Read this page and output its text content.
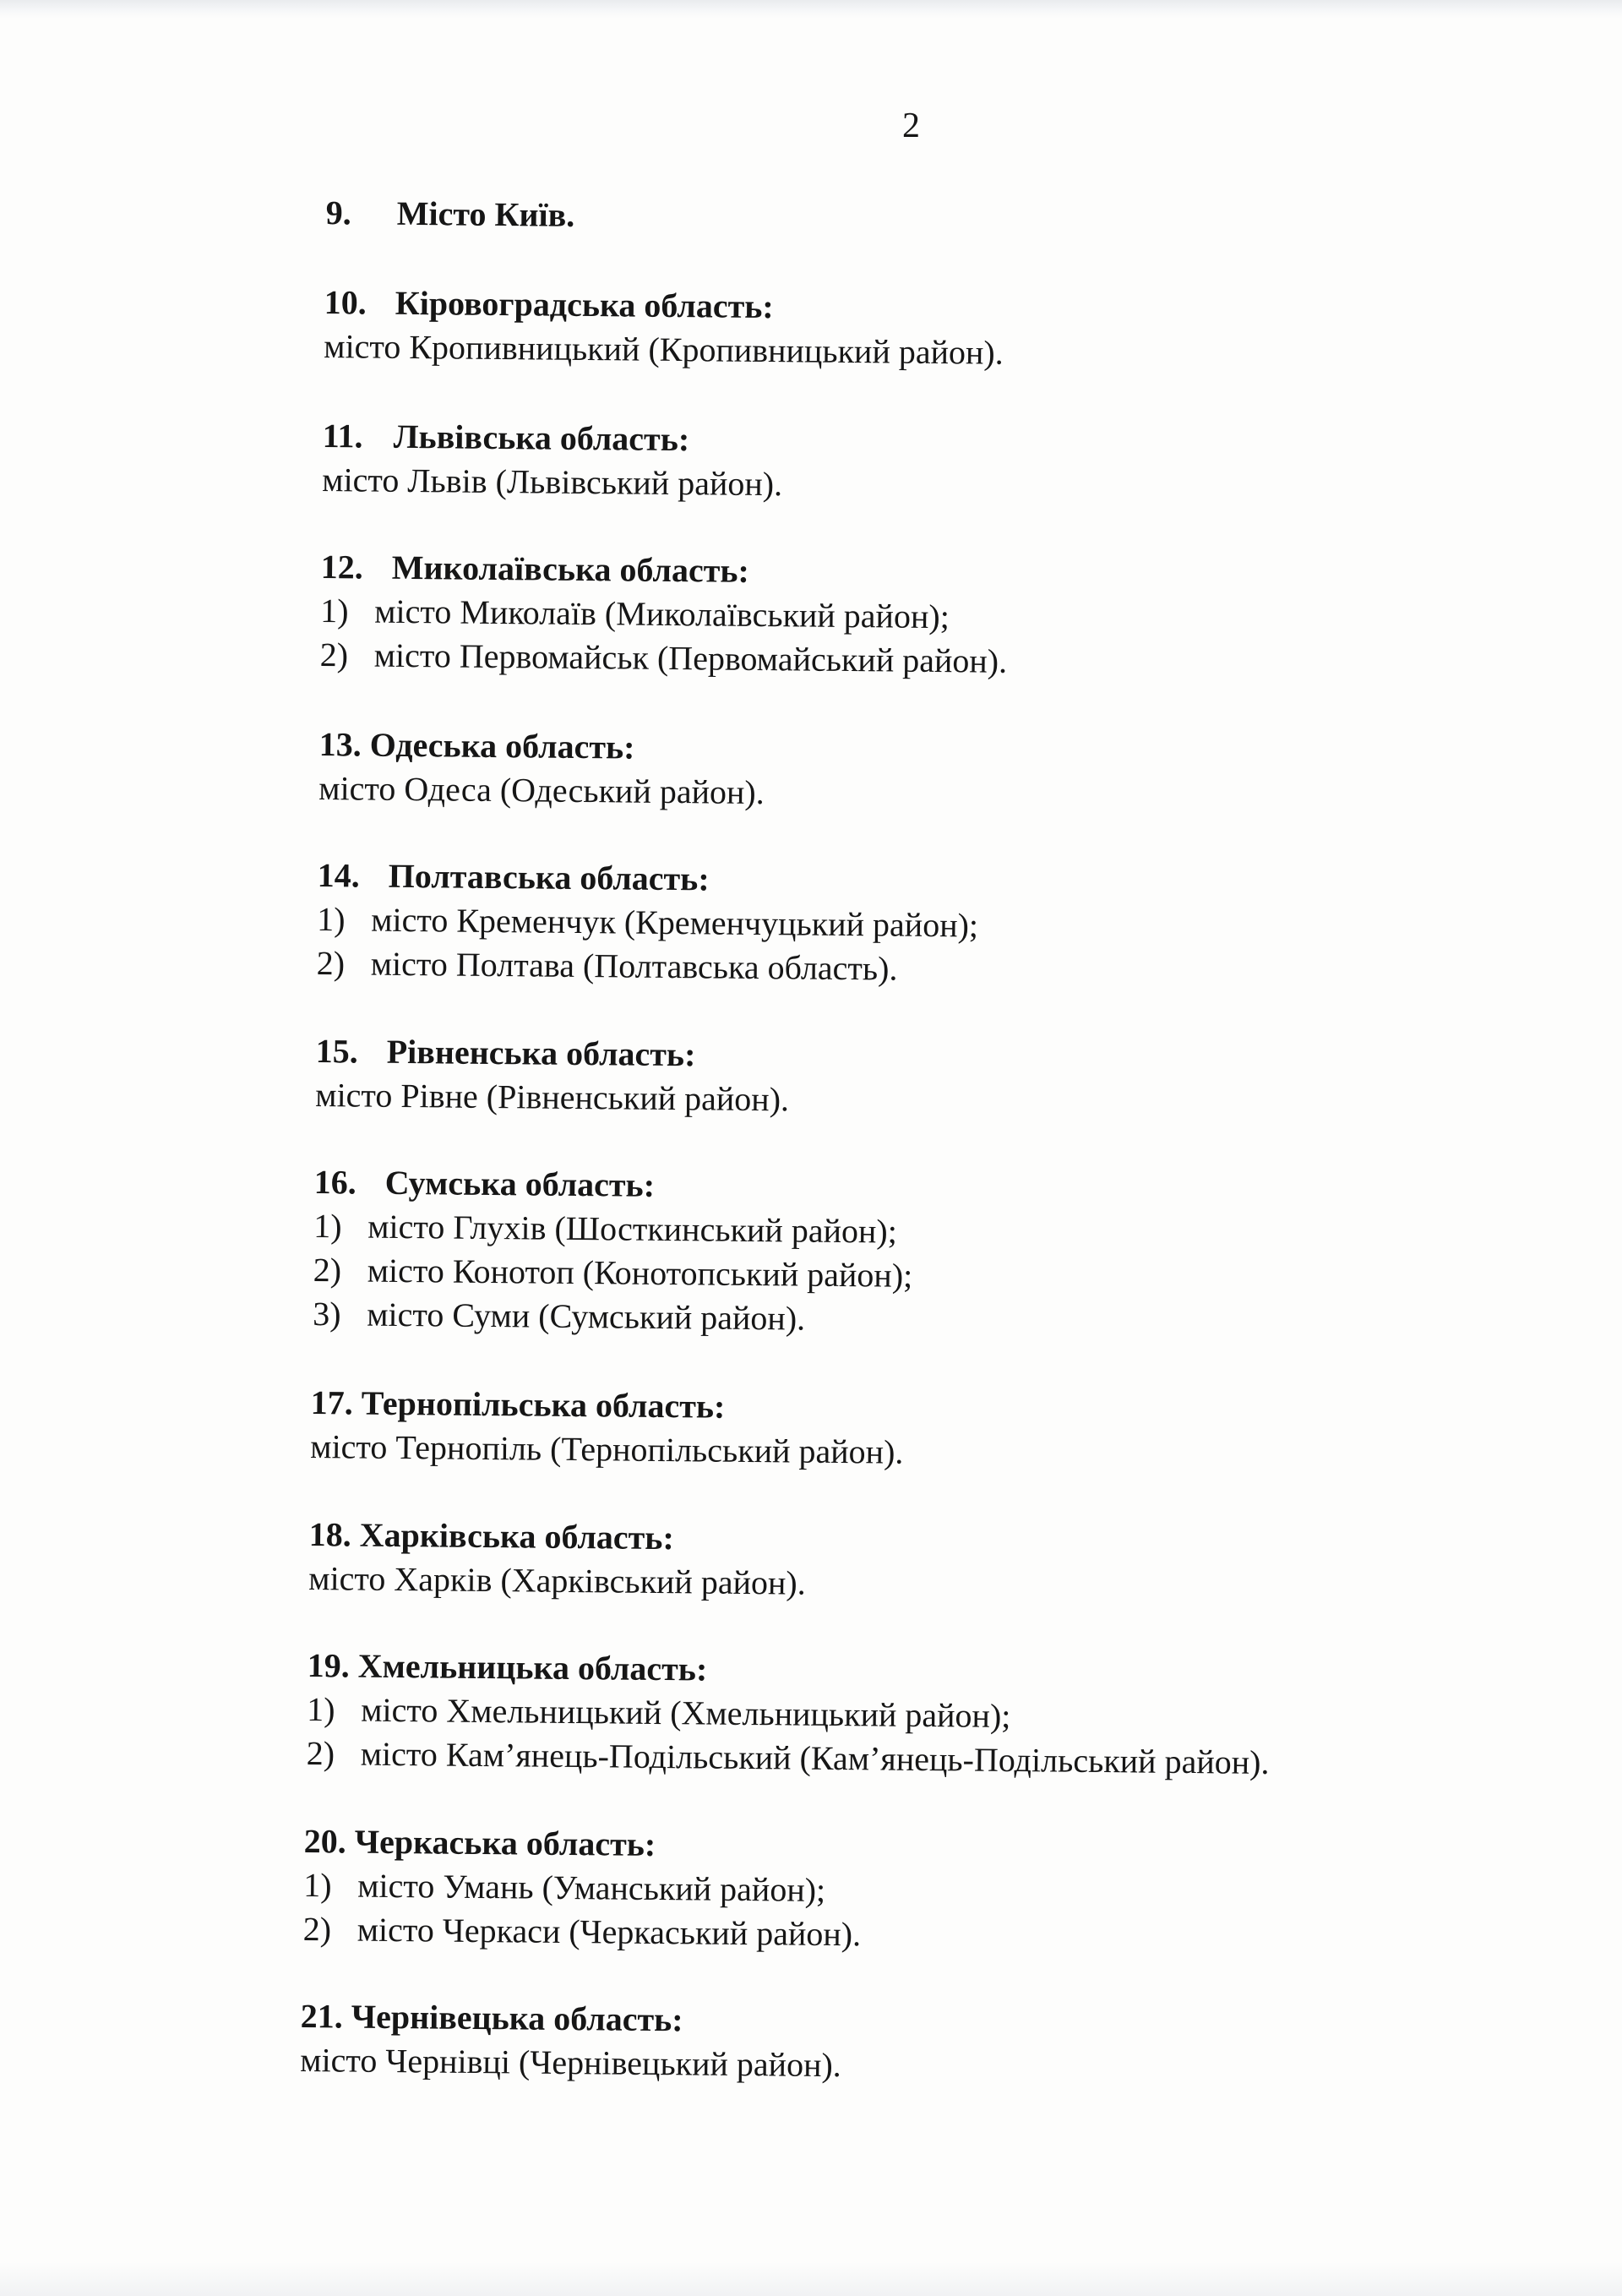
2
9. Місто Київ.
10. Кіровоградська область:
місто Кропивницький (Кропивницький район).
11. Львівська область:
місто Львів (Львівський район).
12. Миколаївська область:
1) місто Миколаїв (Миколаївський район);
2) місто Первомайськ (Первомайський район).
13. Одеська область:
місто Одеса (Одеський район).
14. Полтавська область:
1) місто Кременчук (Кременчуцький район);
2) місто Полтава (Полтавська область).
15. Рівненська область:
місто Рівне (Рівненський район).
16. Сумська область:
1) місто Глухів (Шосткинський район);
2) місто Конотоп (Конотопський район);
3) місто Суми (Сумський район).
17. Тернопільська область:
місто Тернопіль (Тернопільський район).
18. Харківська область:
місто Харків (Харківський район).
19. Хмельницька область:
1) місто Хмельницький (Хмельницький район);
2) місто Кам’янець-Подільський (Кам’янець-Подільський район).
20. Черкаська область:
1) місто Умань (Уманський район);
2) місто Черкаси (Черкаський район).
21. Чернівецька область:
місто Чернівці (Чернівецький район).
